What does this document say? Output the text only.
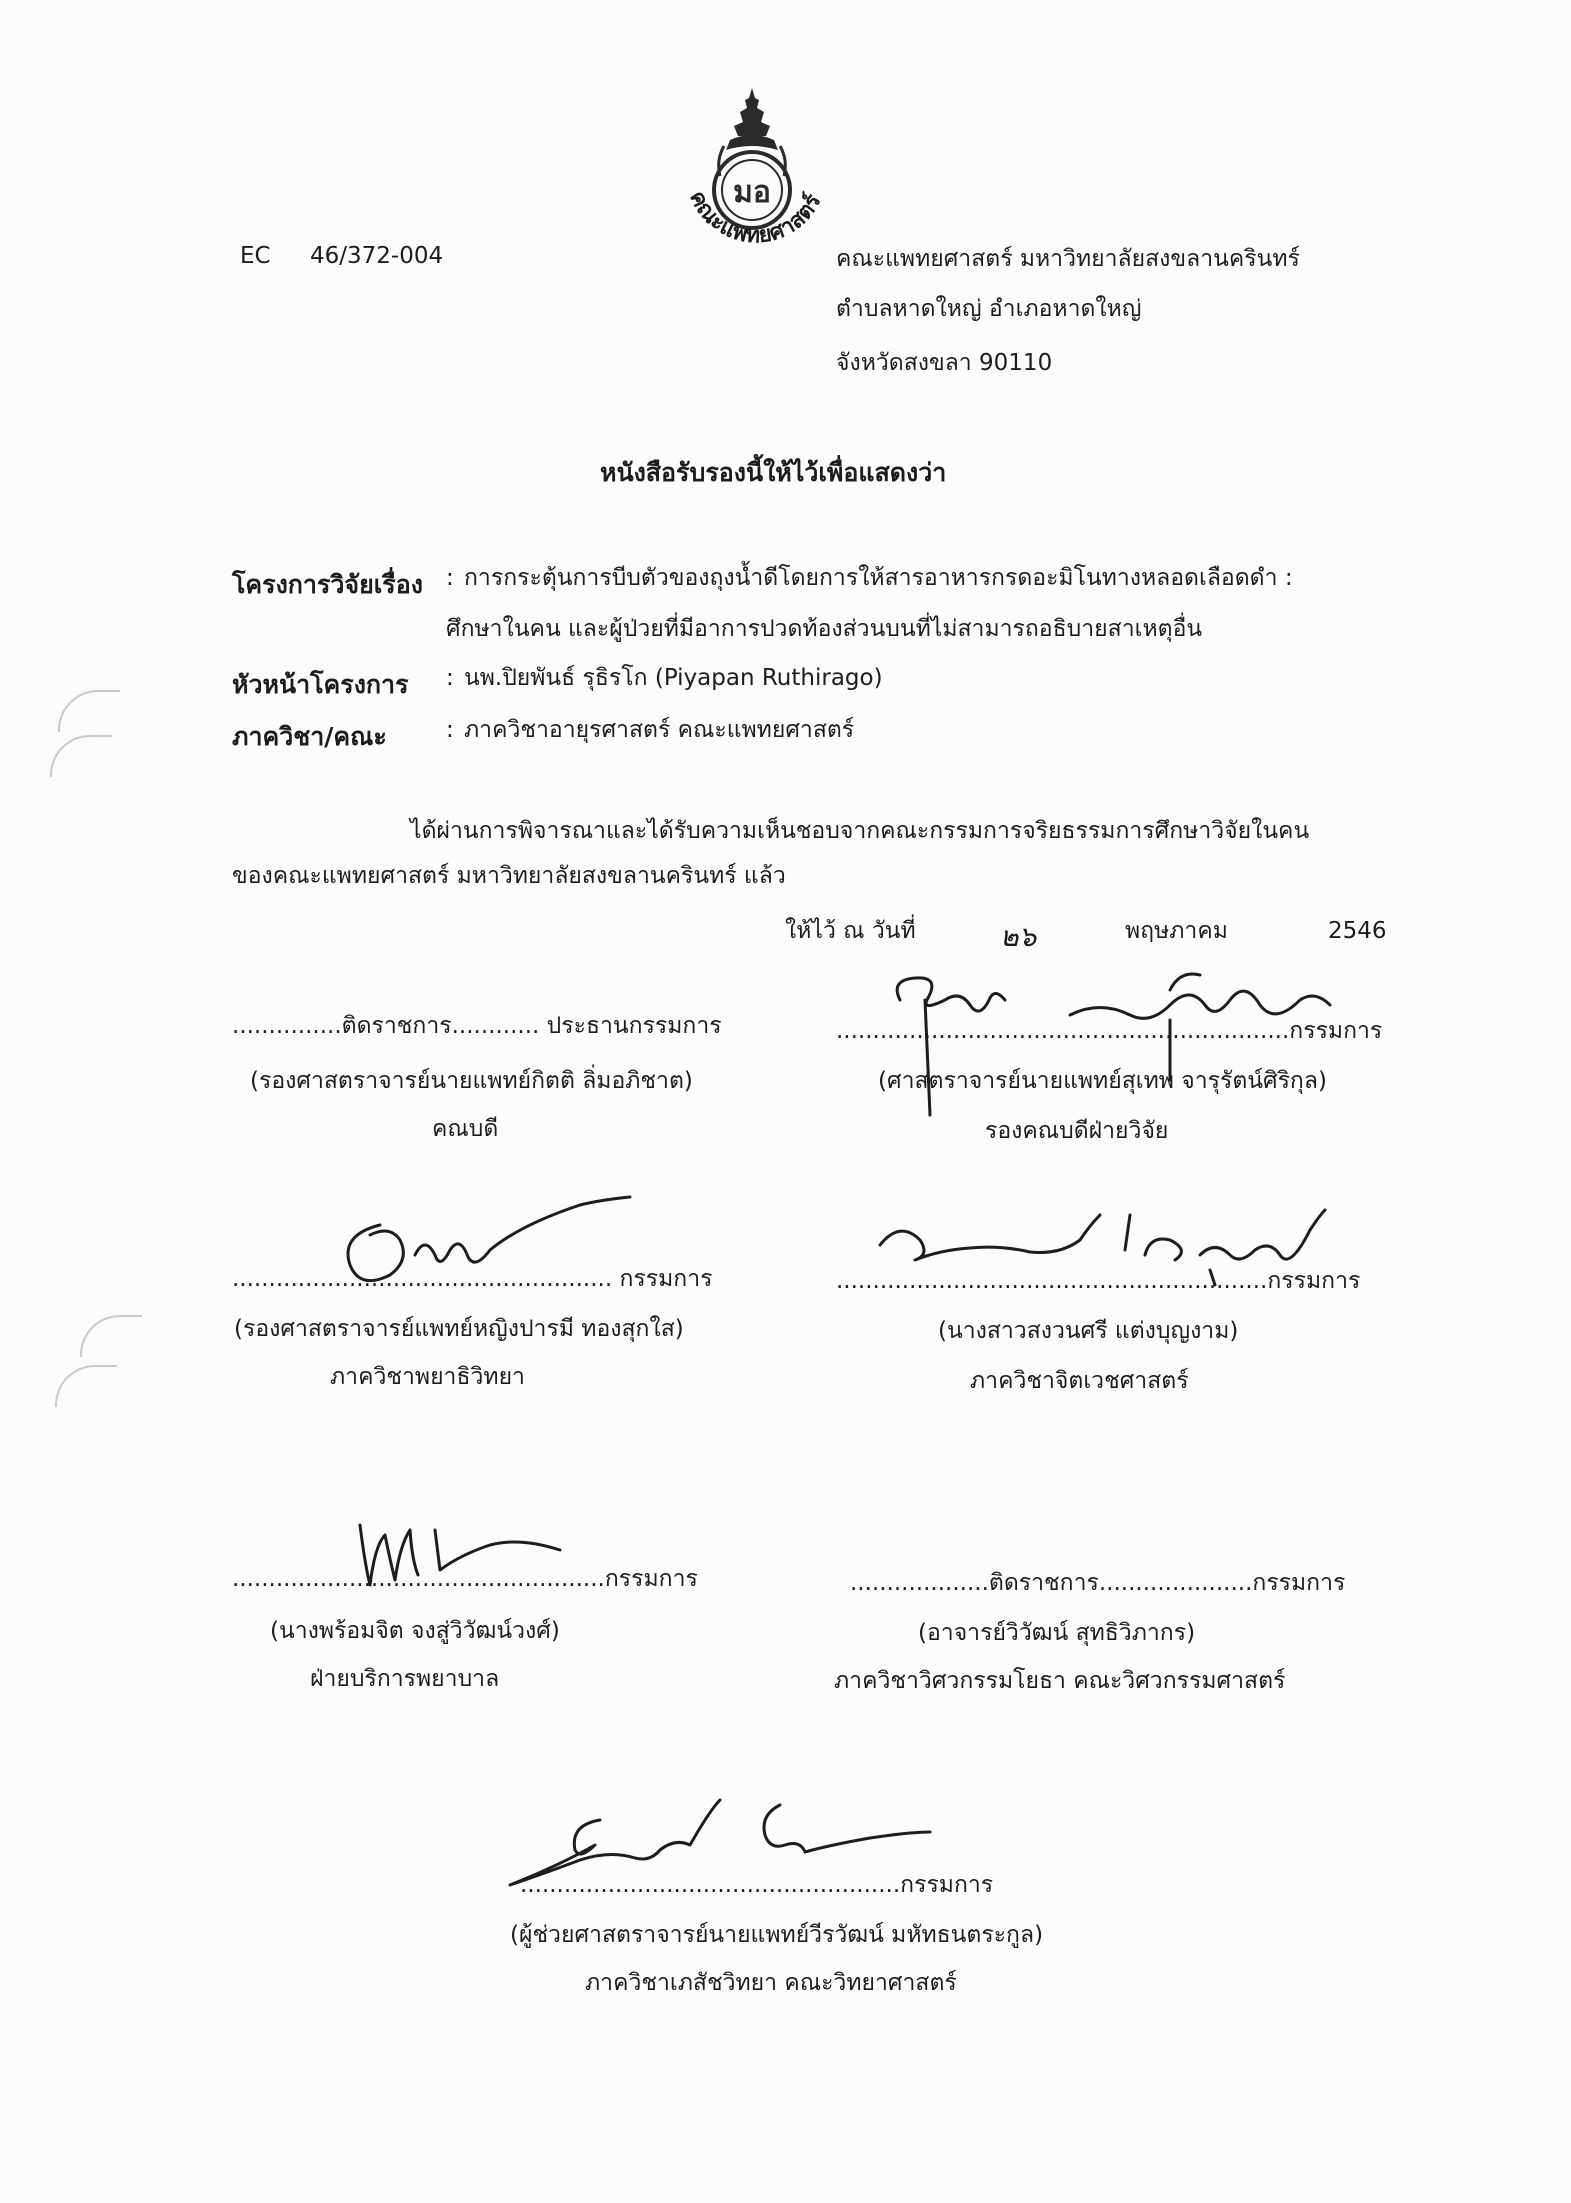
มอ
คณะแพทยศาสตร์
EC 46/372-004	คณะแพทยศาสตร์ มหาวิทยาลัยสงขลานครินทร์
ตำบลหาดใหญ่ อำเภอหาดใหญ่
จังหวัดสงขลา 90110
หนังสือรับรองนี้ให้ไว้เพื่อแสดงว่า
โครงการวิจัยเรื่อง : การกระตุ้นการบีบตัวของถุงน้ำดีโดยการให้สารอาหารกรดอะมิโนทางหลอดเลือดดำ :
ศึกษาในคน และผู้ป่วยที่มีอาการปวดท้องส่วนบนที่ไม่สามารถอธิบายสาเหตุอื่น
หัวหน้าโครงการ : นพ.ปิยพันธ์ รุธิรโก (Piyapan Ruthirago)
ภาควิชา/คณะ	: ภาควิชาอายุรศาสตร์ คณะแพทยศาสตร์
ได้ผ่านการพิจารณาและได้รับความเห็นชอบจากคณะกรรมการจริยธรรมการศึกษาวิจัยในคน
ของคณะแพทยศาสตร์ มหาวิทยาลัยสงขลานครินทร์ แล้ว
ให้ไว้ ณ วันที่	๒๖	พฤษภาคม	2546
...............ติดราชการ............ ประธานกรรมการ
(รองศาสตราจารย์นายแพทย์กิตติ ลิ่มอภิชาต)
คณบดี
..............................................................กรรมการ
(ศาสตราจารย์นายแพทย์สุเทพ จารุรัตน์ศิริกุล)
รองคณบดีฝ่ายวิจัย
.................................................... กรรมการ
(รองศาสตราจารย์แพทย์หญิงปารมี ทองสุกใส)
ภาควิชาพยาธิวิทยา
...........................................................กรรมการ
(นางสาวสงวนศรี แต่งบุญงาม)
ภาควิชาจิตเวชศาสตร์
...................................................กรรมการ
(นางพร้อมจิต จงสู่วิวัฒน์วงศ์)
ฝ่ายบริการพยาบาล
...................ติดราชการ.....................กรรมการ
(อาจารย์วิวัฒน์ สุทธิวิภากร)
ภาควิชาวิศวกรรมโยธา คณะวิศวกรรมศาสตร์
....................................................กรรมการ
(ผู้ช่วยศาสตราจารย์นายแพทย์วีรวัฒน์ มหัทธนตระกูล)
ภาควิชาเภสัชวิทยา คณะวิทยาศาสตร์
